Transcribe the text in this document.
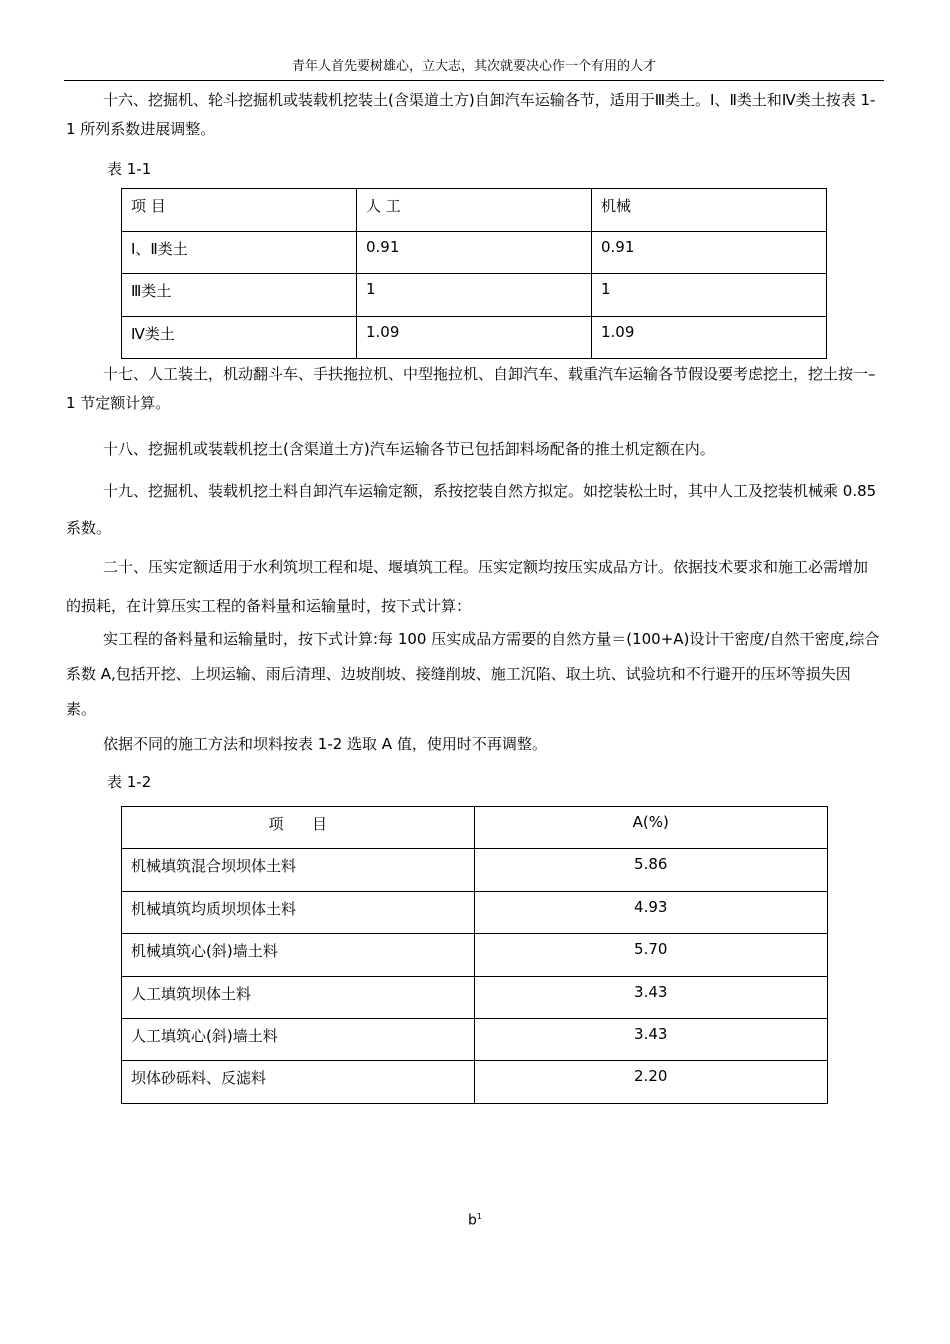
青年人首先要树雄心，立大志，其次就要决心作一个有用的人才

十六、挖掘机、轮斗挖掘机或装载机挖装土(含渠道土方)自卸汽车运输各节，适用于Ⅲ类土。Ⅰ、Ⅱ类土和Ⅳ类土按表 1-1 所列系数进展调整。

表 1-1
项 目	人 工	机械
Ⅰ、Ⅱ类土	0.91	0.91
Ⅲ类土	1	1
Ⅳ类土	1.09	1.09

十七、人工装土，机动翻斗车、手扶拖拉机、中型拖拉机、自卸汽车、载重汽车运输各节假设要考虑挖土，挖土按一–1 节定额计算。

十八、挖掘机或装载机挖土(含渠道土方)汽车运输各节已包括卸料场配备的推土机定额在内。

十九、挖掘机、装载机挖土料自卸汽车运输定额，系按挖装自然方拟定。如挖装松土时，其中人工及挖装机械乘 0.85 系数。

二十、压实定额适用于水利筑坝工程和堤、堰填筑工程。压实定额均按压实成品方计。依据技术要求和施工必需增加的损耗，在计算压实工程的备料量和运输量时，按下式计算：

实工程的备料量和运输量时，按下式计算:每 100 压实成品方需要的自然方量＝(100+A)设计干密度/自然干密度,综合系数 A,包括开挖、上坝运输、雨后清理、边坡削坡、接缝削坡、施工沉陷、取土坑、试验坑和不行避开的压坏等损失因素。

依据不同的施工方法和坝料按表 1-2 选取 A 值，使用时不再调整。

表 1-2
项      目	A(%)
机械填筑混合坝坝体土料	5.86
机械填筑均质坝坝体土料	4.93
机械填筑心(斜)墙土料	5.70
人工填筑坝体土料	3.43
人工填筑心(斜)墙土料	3.43
坝体砂砾料、反滤料	2.20
$b^1$
